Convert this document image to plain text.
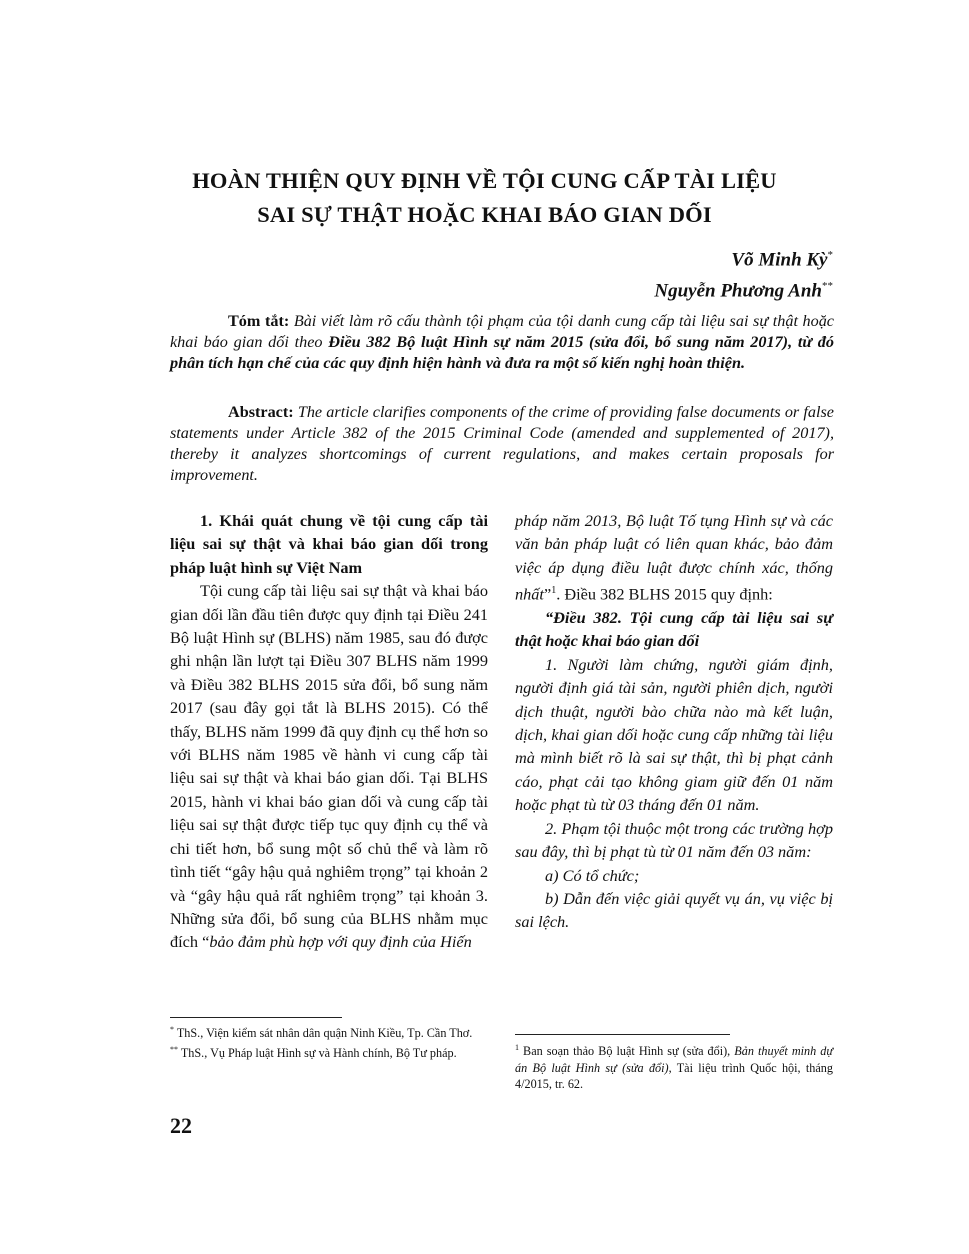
HOÀN THIỆN QUY ĐỊNH VỀ TỘI CUNG CẤP TÀI LIỆU
SAI SỰ THẬT HOẶC KHAI BÁO GIAN DỐI
Võ Minh Kỳ*
Nguyễn Phương Anh**
Tóm tắt: Bài viết làm rõ cấu thành tội phạm của tội danh cung cấp tài liệu sai sự thật hoặc khai báo gian dối theo Điều 382 Bộ luật Hình sự năm 2015 (sửa đổi, bổ sung năm 2017), từ đó phân tích hạn chế của các quy định hiện hành và đưa ra một số kiến nghị hoàn thiện.
Abstract: The article clarifies components of the crime of providing false documents or false statements under Article 382 of the 2015 Criminal Code (amended and supplemented of 2017), thereby it analyzes shortcomings of current regulations, and makes certain proposals for improvement.

1. Khái quát chung về tội cung cấp tài liệu sai sự thật và khai báo gian dối trong pháp luật hình sự Việt Nam

Tội cung cấp tài liệu sai sự thật và khai báo gian dối lần đầu tiên được quy định tại Điều 241 Bộ luật Hình sự (BLHS) năm 1985, sau đó được ghi nhận lần lượt tại Điều 307 BLHS năm 1999 và Điều 382 BLHS 2015 sửa đổi, bổ sung năm 2017 (sau đây gọi tắt là BLHS 2015). Có thể thấy, BLHS năm 1999 đã quy định cụ thể hơn so với BLHS năm 1985 về hành vi cung cấp tài liệu sai sự thật và khai báo gian dối. Tại BLHS 2015, hành vi khai báo gian dối và cung cấp tài liệu sai sự thật được tiếp tục quy định cụ thể và chi tiết hơn, bổ sung một số chủ thể và làm rõ tình tiết “gây hậu quả nghiêm trọng” tại khoản 2 và “gây hậu quả rất nghiêm trọng” tại khoản 3. Những sửa đổi, bổ sung của BLHS nhằm mục đích “bảo đảm phù hợp với quy định của Hiến

* ThS., Viện kiểm sát nhân dân quận Ninh Kiều, Tp. Cần Thơ.

** ThS., Vụ Pháp luật Hình sự và Hành chính, Bộ Tư pháp.

pháp năm 2013, Bộ luật Tố tụng Hình sự và các văn bản pháp luật có liên quan khác, bảo đảm việc áp dụng điều luật được chính xác, thống nhất”$^1$. Điều 382 BLHS 2015 quy định:

“Điều 382. Tội cung cấp tài liệu sai sự thật hoặc khai báo gian dối

1. Người làm chứng, người giám định, người định giá tài sản, người phiên dịch, người dịch thuật, người bào chữa nào mà kết luận, dịch, khai gian dối hoặc cung cấp những tài liệu mà mình biết rõ là sai sự thật, thì bị phạt cảnh cáo, phạt cải tạo không giam giữ đến 01 năm hoặc phạt tù từ 03 tháng đến 01 năm.

2. Phạm tội thuộc một trong các trường hợp sau đây, thì bị phạt tù từ 01 năm đến 03 năm:

a) Có tổ chức;

b) Dẫn đến việc giải quyết vụ án, vụ việc bị sai lệch.

$^1$ Ban soạn thảo Bộ luật Hình sự (sửa đổi), Bản thuyết minh dự án Bộ luật Hình sự (sửa đổi), Tài liệu trình Quốc hội, tháng 4/2015, tr. 62.
22
